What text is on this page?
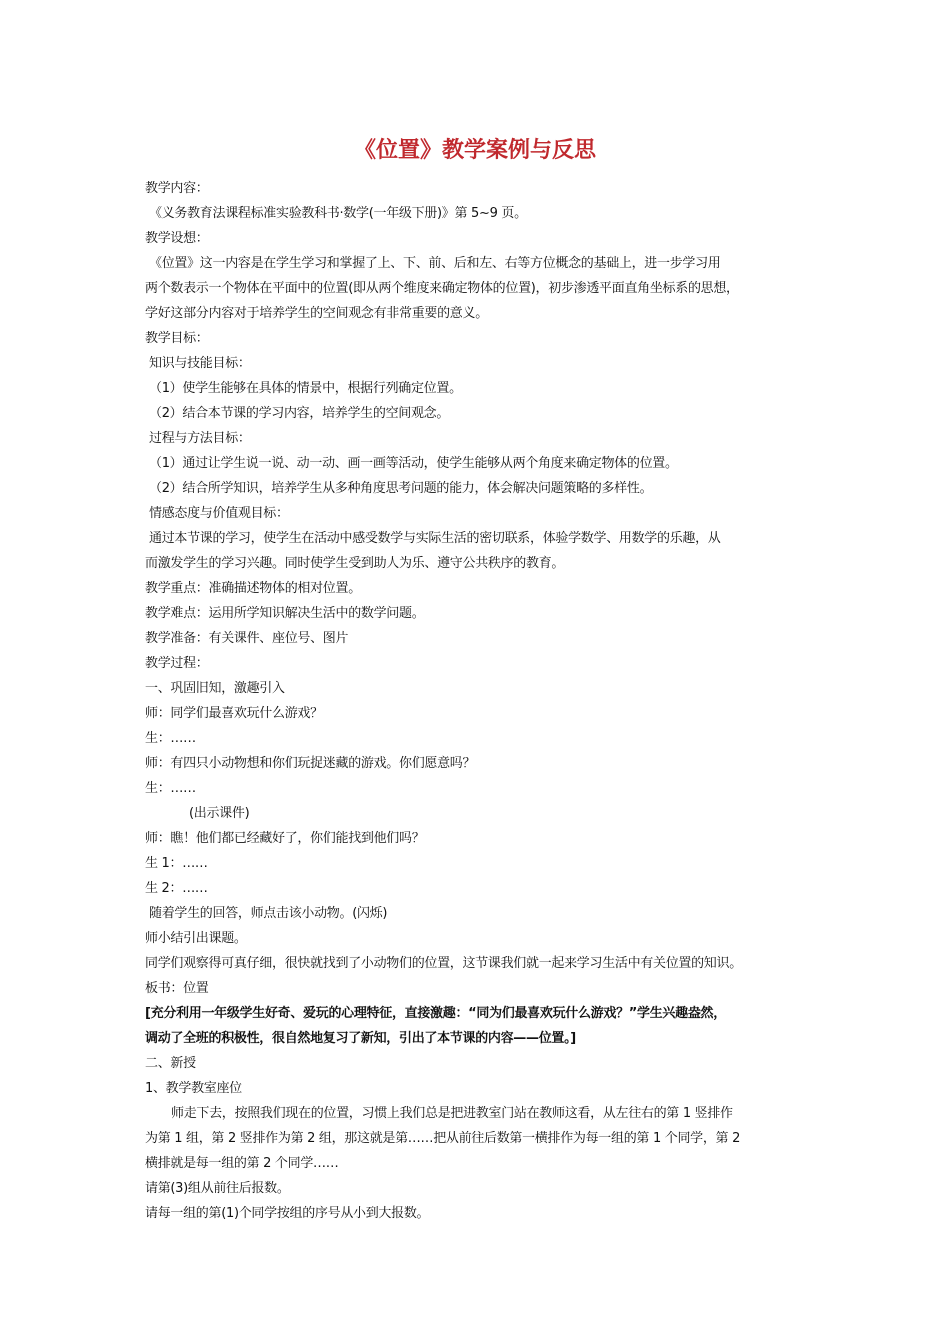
《位置》教学案例与反思
教学内容：
《义务教育法课程标准实验教科书·数学(一年级下册)》第 5~9 页。
教学设想：
《位置》这一内容是在学生学习和掌握了上、下、前、后和左、右等方位概念的基础上，进一步学习用
两个数表示一个物体在平面中的位置(即从两个维度来确定物体的位置)，初步渗透平面直角坐标系的思想，
学好这部分内容对于培养学生的空间观念有非常重要的意义。
教学目标：
知识与技能目标：
（1）使学生能够在具体的情景中，根据行列确定位置。
（2）结合本节课的学习内容，培养学生的空间观念。
过程与方法目标：
（1）通过让学生说一说、动一动、画一画等活动，使学生能够从两个角度来确定物体的位置。
（2）结合所学知识，培养学生从多种角度思考问题的能力，体会解决问题策略的多样性。
情感态度与价值观目标：
通过本节课的学习，使学生在活动中感受数学与实际生活的密切联系，体验学数学、用数学的乐趣，从
而激发学生的学习兴趣。同时使学生受到助人为乐、遵守公共秩序的教育。
教学重点：准确描述物体的相对位置。
教学难点：运用所学知识解决生活中的数学问题。
教学准备：有关课件、座位号、图片
教学过程：
一、巩固旧知，激趣引入
师：同学们最喜欢玩什么游戏？
生：……
师：有四只小动物想和你们玩捉迷藏的游戏。你们愿意吗？
生：……
(出示课件)
师：瞧！他们都已经藏好了，你们能找到他们吗？
生 1：……
生 2：……
随着学生的回答，师点击该小动物。(闪烁)
师小结引出课题。
同学们观察得可真仔细，很快就找到了小动物们的位置，这节课我们就一起来学习生活中有关位置的知识。
板书：位置
[充分利用一年级学生好奇、爱玩的心理特征，直接激趣：“同为们最喜欢玩什么游戏？”学生兴趣盎然，
调动了全班的积极性，很自然地复习了新知，引出了本节课的内容——位置。]
二、新授
1、教学教室座位
师走下去，按照我们现在的位置，习惯上我们总是把进教室门站在教师这看，从左往右的第 1 竖排作
为第 1 组，第 2 竖排作为第 2 组，那这就是第……把从前往后数第一横排作为每一组的第 1 个同学，第 2
横排就是每一组的第 2 个同学……
请第(3)组从前往后报数。
请每一组的第(1)个同学按组的序号从小到大报数。
